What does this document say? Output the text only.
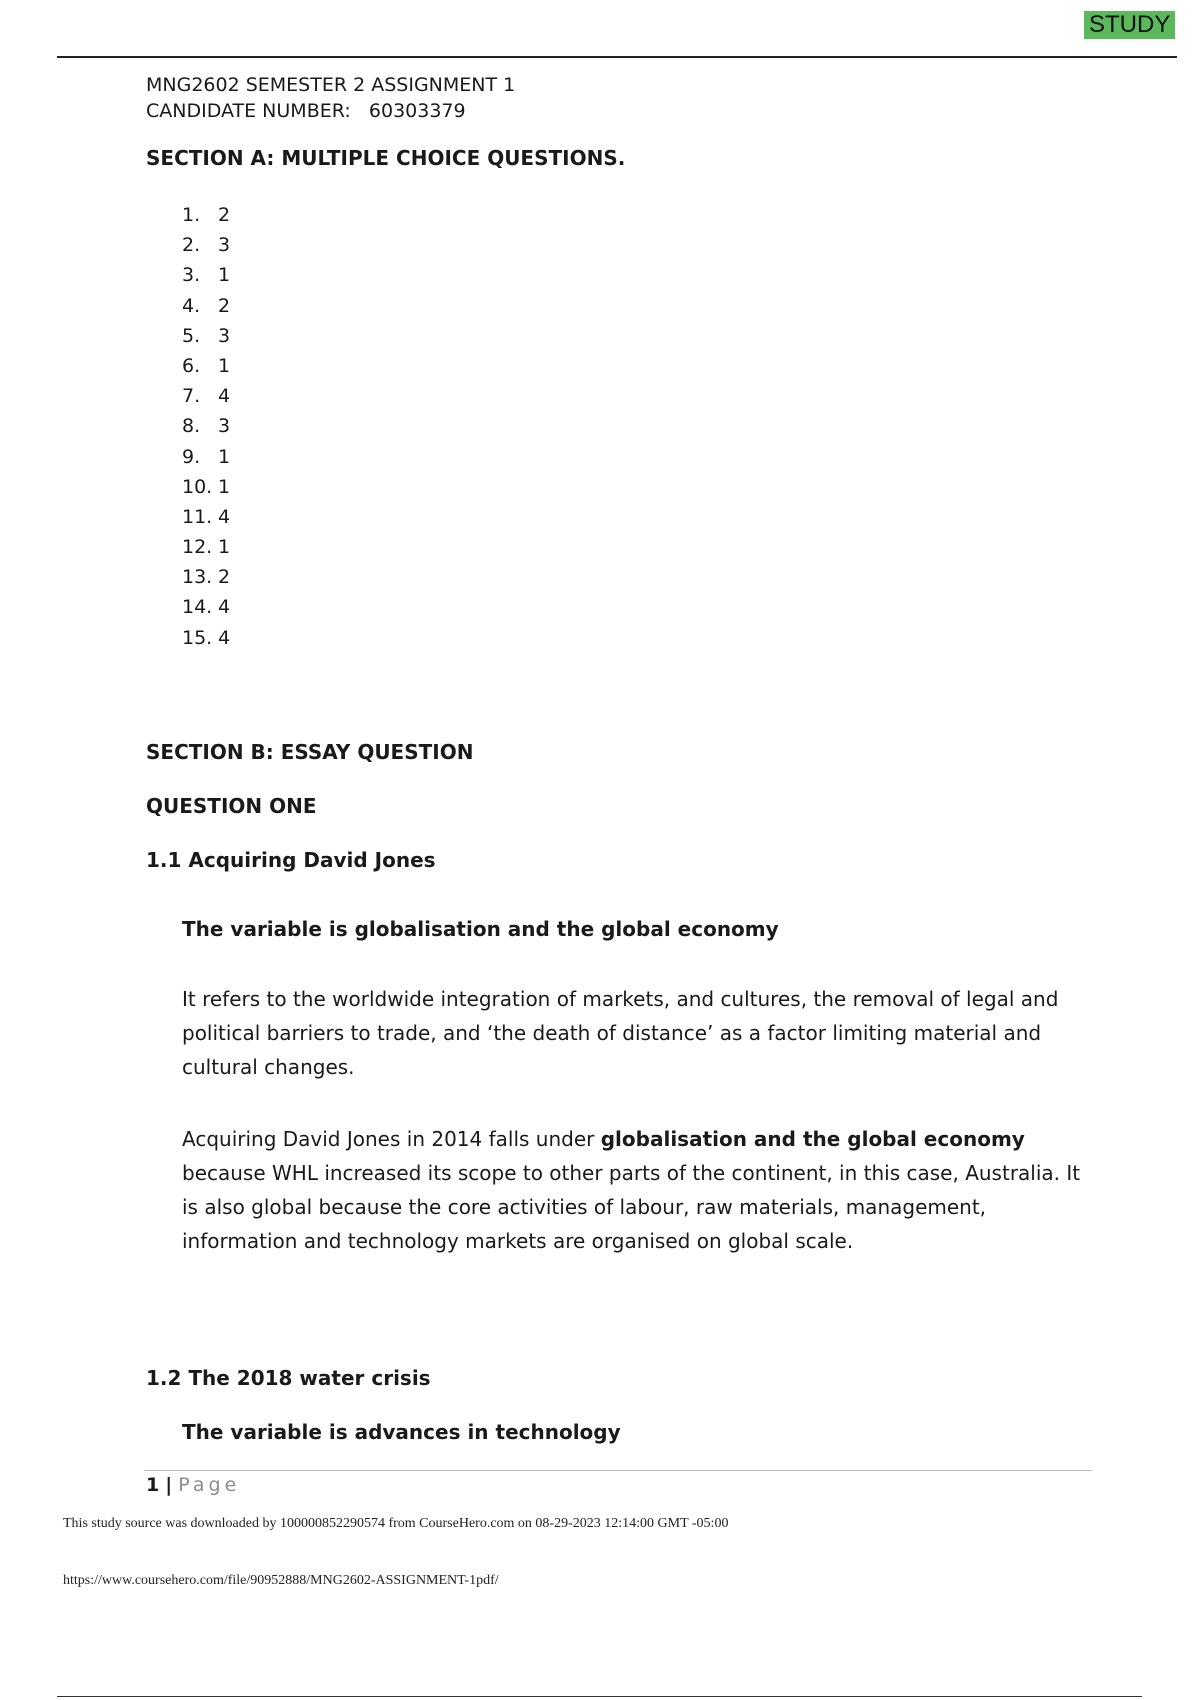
STUDY

MNG2602 SEMESTER 2 ASSIGNMENT 1

CANDIDATE NUMBER: 60303379

SECTION A: MULTIPLE CHOICE QUESTIONS.

1. 2
2. 3
3. 1
4. 2
5. 3
6. 1
7. 4
8. 3
9. 1
10. 1
11. 4
12. 1
13. 2
14. 4
15. 4

SECTION B: ESSAY QUESTION

QUESTION ONE

1.1 Acquiring David Jones

The variable is globalisation and the global economy

It refers to the worldwide integration of markets, and cultures, the removal of legal and political barriers to trade, and ‘the death of distance’ as a factor limiting material and cultural changes.

Acquiring David Jones in 2014 falls under globalisation and the global economy because WHL increased its scope to other parts of the continent, in this case, Australia. It is also global because the core activities of labour, raw materials, management, information and technology markets are organised on global scale.

1.2 The 2018 water crisis

The variable is advances in technology

1 | Page
This study source was downloaded by 100000852290574 from CourseHero.com on 08-29-2023 12:14:00 GMT -05:00
https://www.coursehero.com/file/90952888/MNG2602-ASSIGNMENT-1pdf/
